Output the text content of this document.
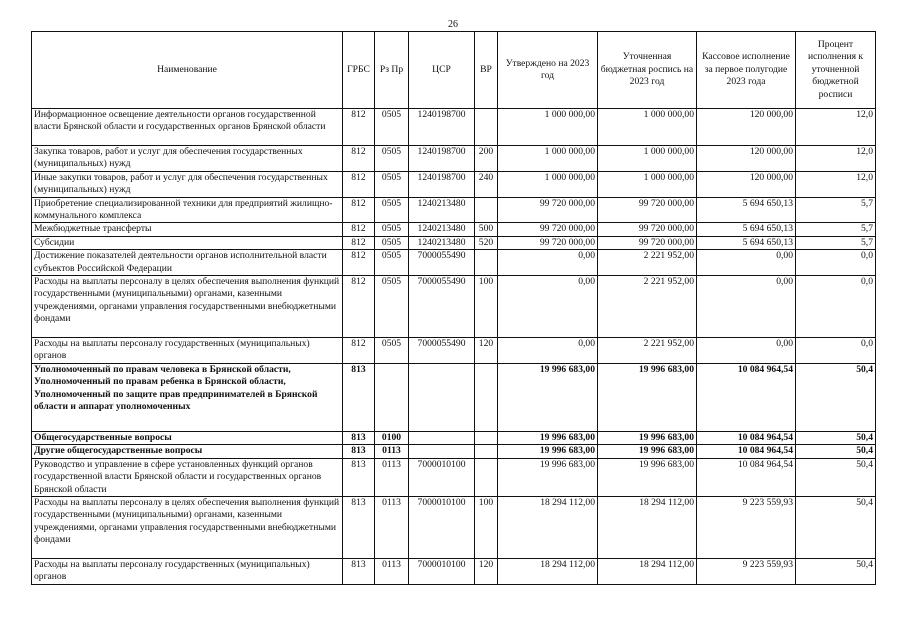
26
Наименование	ГРБС	Рз Пр	ЦСР	ВР	Утверждено на 2023 год	Уточненная бюджетная роспись на 2023 год	Кассовое исполнение за первое полугодие 2023 года	Процент исполнения к уточненной бюджетной росписи
Информационное освещение деятельности органов государственной власти Брянской области и государственных органов Брянской области	812	0505	1240198700		1 000 000,00	1 000 000,00	120 000,00	12,0
Закупка товаров, работ и услуг для обеспечения государственных (муниципальных) нужд	812	0505	1240198700	200	1 000 000,00	1 000 000,00	120 000,00	12,0
Иные закупки товаров, работ и услуг для обеспечения государственных (муниципальных) нужд	812	0505	1240198700	240	1 000 000,00	1 000 000,00	120 000,00	12,0
Приобретение специализированной техники для предприятий жилищно-коммунального комплекса	812	0505	1240213480		99 720 000,00	99 720 000,00	5 694 650,13	5,7
Межбюджетные трансферты	812	0505	1240213480	500	99 720 000,00	99 720 000,00	5 694 650,13	5,7
Субсидии	812	0505	1240213480	520	99 720 000,00	99 720 000,00	5 694 650,13	5,7
Достижение показателей деятельности органов исполнительной власти субъектов Российской Федерации	812	0505	7000055490		0,00	2 221 952,00	0,00	0,0
Расходы на выплаты персоналу в целях обеспечения выполнения функций государственными (муниципальными) органами, казенными учреждениями, органами управления государственными внебюджетными фондами	812	0505	7000055490	100	0,00	2 221 952,00	0,00	0,0
Расходы на выплаты персоналу государственных (муниципальных) органов	812	0505	7000055490	120	0,00	2 221 952,00	0,00	0,0
Уполномоченный по правам человека в Брянской области, Уполномоченный по правам ребенка в Брянской области, Уполномоченный по защите прав предпринимателей в Брянской области и аппарат уполномоченных	813				19 996 683,00	19 996 683,00	10 084 964,54	50,4
Общегосударственные вопросы	813	0100			19 996 683,00	19 996 683,00	10 084 964,54	50,4
Другие общегосударственные вопросы	813	0113			19 996 683,00	19 996 683,00	10 084 964,54	50,4
Руководство и управление в сфере установленных функций органов государственной власти Брянской области и государственных органов Брянской области	813	0113	7000010100		19 996 683,00	19 996 683,00	10 084 964,54	50,4
Расходы на выплаты персоналу в целях обеспечения выполнения функций государственными (муниципальными) органами, казенными учреждениями, органами управления государственными внебюджетными фондами	813	0113	7000010100	100	18 294 112,00	18 294 112,00	9 223 559,93	50,4
Расходы на выплаты персоналу государственных (муниципальных) органов	813	0113	7000010100	120	18 294 112,00	18 294 112,00	9 223 559,93	50,4
